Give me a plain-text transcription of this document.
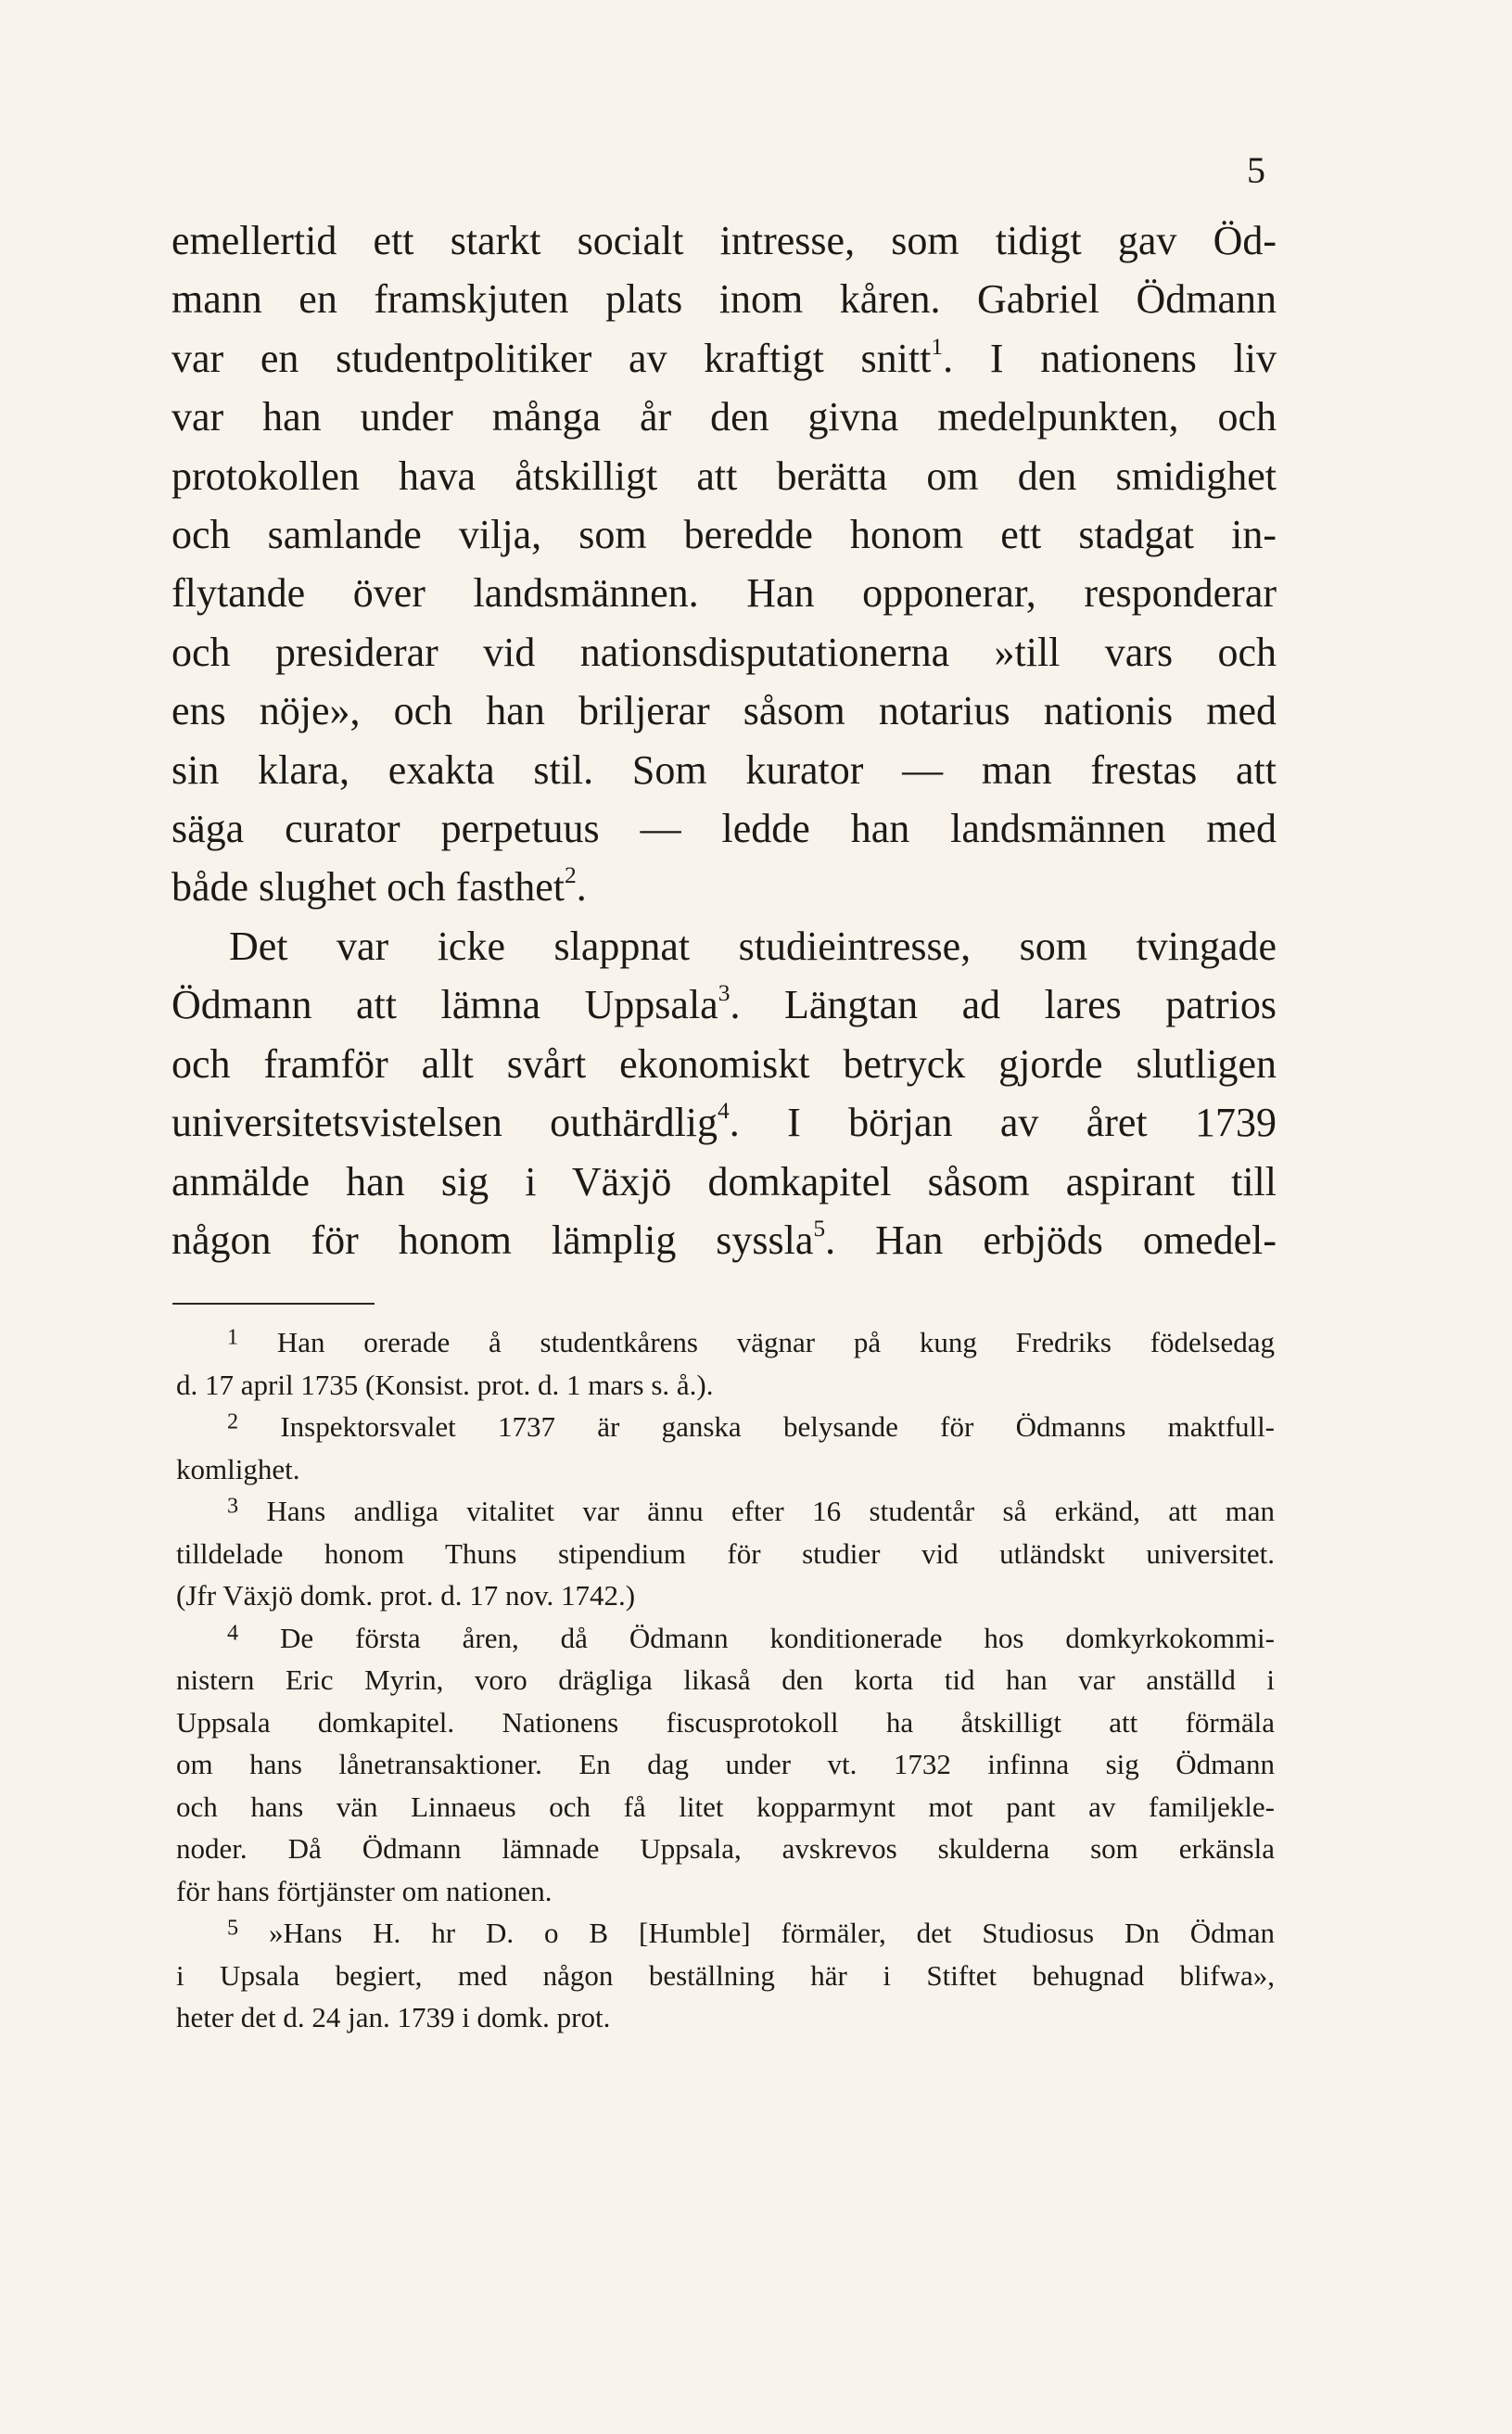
5
emellertid ett starkt socialt intresse, som tidigt gav Öd-
mann en framskjuten plats inom kåren. Gabriel Ödmann
var en studentpolitiker av kraftigt snitt$^1$. I nationens liv
var han under många år den givna medelpunkten, och
protokollen hava åtskilligt att berätta om den smidighet
och samlande vilja, som beredde honom ett stadgat in-
flytande över landsmännen. Han opponerar, responderar
och presiderar vid nationsdisputationerna »till vars och
ens nöje», och han briljerar såsom notarius nationis med
sin klara, exakta stil. Som kurator — man frestas att
säga curator perpetuus — ledde han landsmännen med
både slughet och fasthet$^2$.
Det var icke slappnat studieintresse, som tvingade
Ödmann att lämna Uppsala$^3$. Längtan ad lares patrios
och framför allt svårt ekonomiskt betryck gjorde slutligen
universitetsvistelsen outhärdlig$^4$. I början av året 1739
anmälde han sig i Växjö domkapitel såsom aspirant till
någon för honom lämplig syssla$^5$. Han erbjöds omedel-
$^1$ Han orerade å studentkårens vägnar på kung Fredriks födelsedag
d. 17 april 1735 (Konsist. prot. d. 1 mars s. å.).
$^2$ Inspektorsvalet 1737 är ganska belysande för Ödmanns maktfull-
komlighet.
$^3$ Hans andliga vitalitet var ännu efter 16 studentår så erkänd, att man
tilldelade honom Thuns stipendium för studier vid utländskt universitet.
(Jfr Växjö domk. prot. d. 17 nov. 1742.)
$^4$ De första åren, då Ödmann konditionerade hos domkyrkokommi-
nistern Eric Myrin, voro drägliga likaså den korta tid han var anställd i
Uppsala domkapitel. Nationens fiscusprotokoll ha åtskilligt att förmäla
om hans lånetransaktioner. En dag under vt. 1732 infinna sig Ödmann
och hans vän Linnaeus och få litet kopparmynt mot pant av familjekle-
noder. Då Ödmann lämnade Uppsala, avskrevos skulderna som erkänsla
för hans förtjänster om nationen.
$^5$ »Hans H. hr D. o B [Humble] förmäler, det Studiosus Dn Ödman
i Upsala begiert, med någon beställning här i Stiftet behugnad blifwa»,
heter det d. 24 jan. 1739 i domk. prot.
